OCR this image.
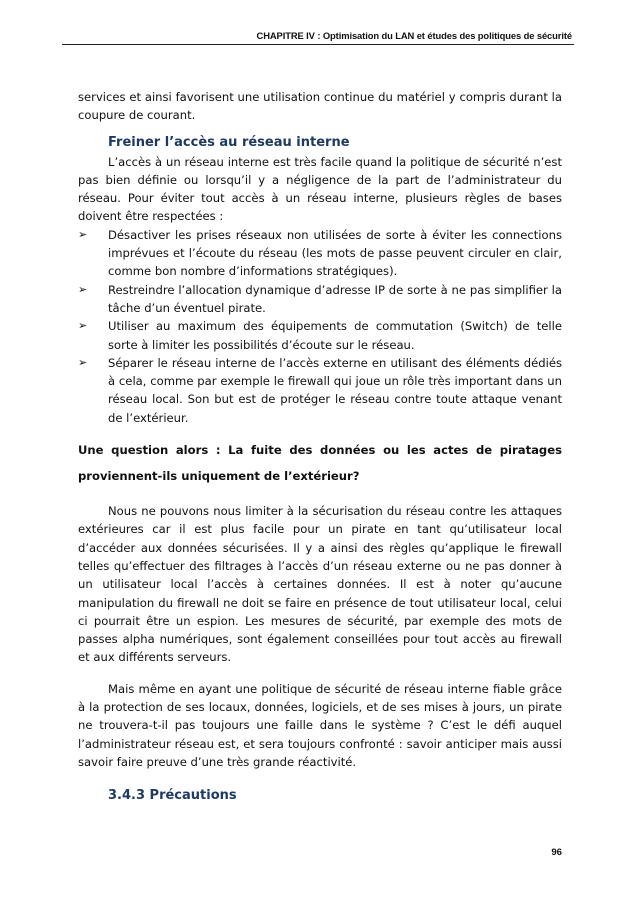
CHAPITRE IV : Optimisation du LAN et études des politiques de sécurité

services et ainsi favorisent une utilisation continue du matériel y compris durant la coupure de courant.

Freiner l’accès au réseau interne

L’accès à un réseau interne est très facile quand la politique de sécurité n’est pas bien définie ou lorsqu’il y a négligence de la part de l’administrateur du réseau. Pour éviter tout accès à un réseau interne, plusieurs règles de bases doivent être respectées :

➢ Désactiver les prises réseaux non utilisées de sorte à éviter les connections imprévues et l’écoute du réseau (les mots de passe peuvent circuler en clair, comme bon nombre d’informations stratégiques).
➢ Restreindre l’allocation dynamique d’adresse IP de sorte à ne pas simplifier la tâche d’un éventuel pirate.
➢ Utiliser au maximum des équipements de commutation (Switch) de telle sorte à limiter les possibilités d’écoute sur le réseau.
➢ Séparer le réseau interne de l’accès externe en utilisant des éléments dédiés à cela, comme par exemple le firewall qui joue un rôle très important dans un réseau local. Son but est de protéger le réseau contre toute attaque venant de l’extérieur.

Une question alors : La fuite des données ou les actes de piratages proviennent-ils uniquement de l’extérieur?

Nous ne pouvons nous limiter à la sécurisation du réseau contre les attaques extérieures car il est plus facile pour un pirate en tant qu’utilisateur local d’accéder aux données sécurisées. Il y a ainsi des règles qu’applique le firewall telles qu’effectuer des filtrages à l’accès d’un réseau externe ou ne pas donner à un utilisateur local l’accès à certaines données. Il est à noter qu’aucune manipulation du firewall ne doit se faire en présence de tout utilisateur local, celui ci pourrait être un espion. Les mesures de sécurité, par exemple des mots de passes alpha numériques, sont également conseillées pour tout accès au firewall et aux différents serveurs.

Mais même en ayant une politique de sécurité de réseau interne fiable grâce à la protection de ses locaux, données, logiciels, et de ses mises à jours, un pirate ne trouvera-t-il pas toujours une faille dans le système ? C’est le défi auquel l’administrateur réseau est, et sera toujours confronté : savoir anticiper mais aussi savoir faire preuve d’une très grande réactivité.

3.4.3 Précautions
96
